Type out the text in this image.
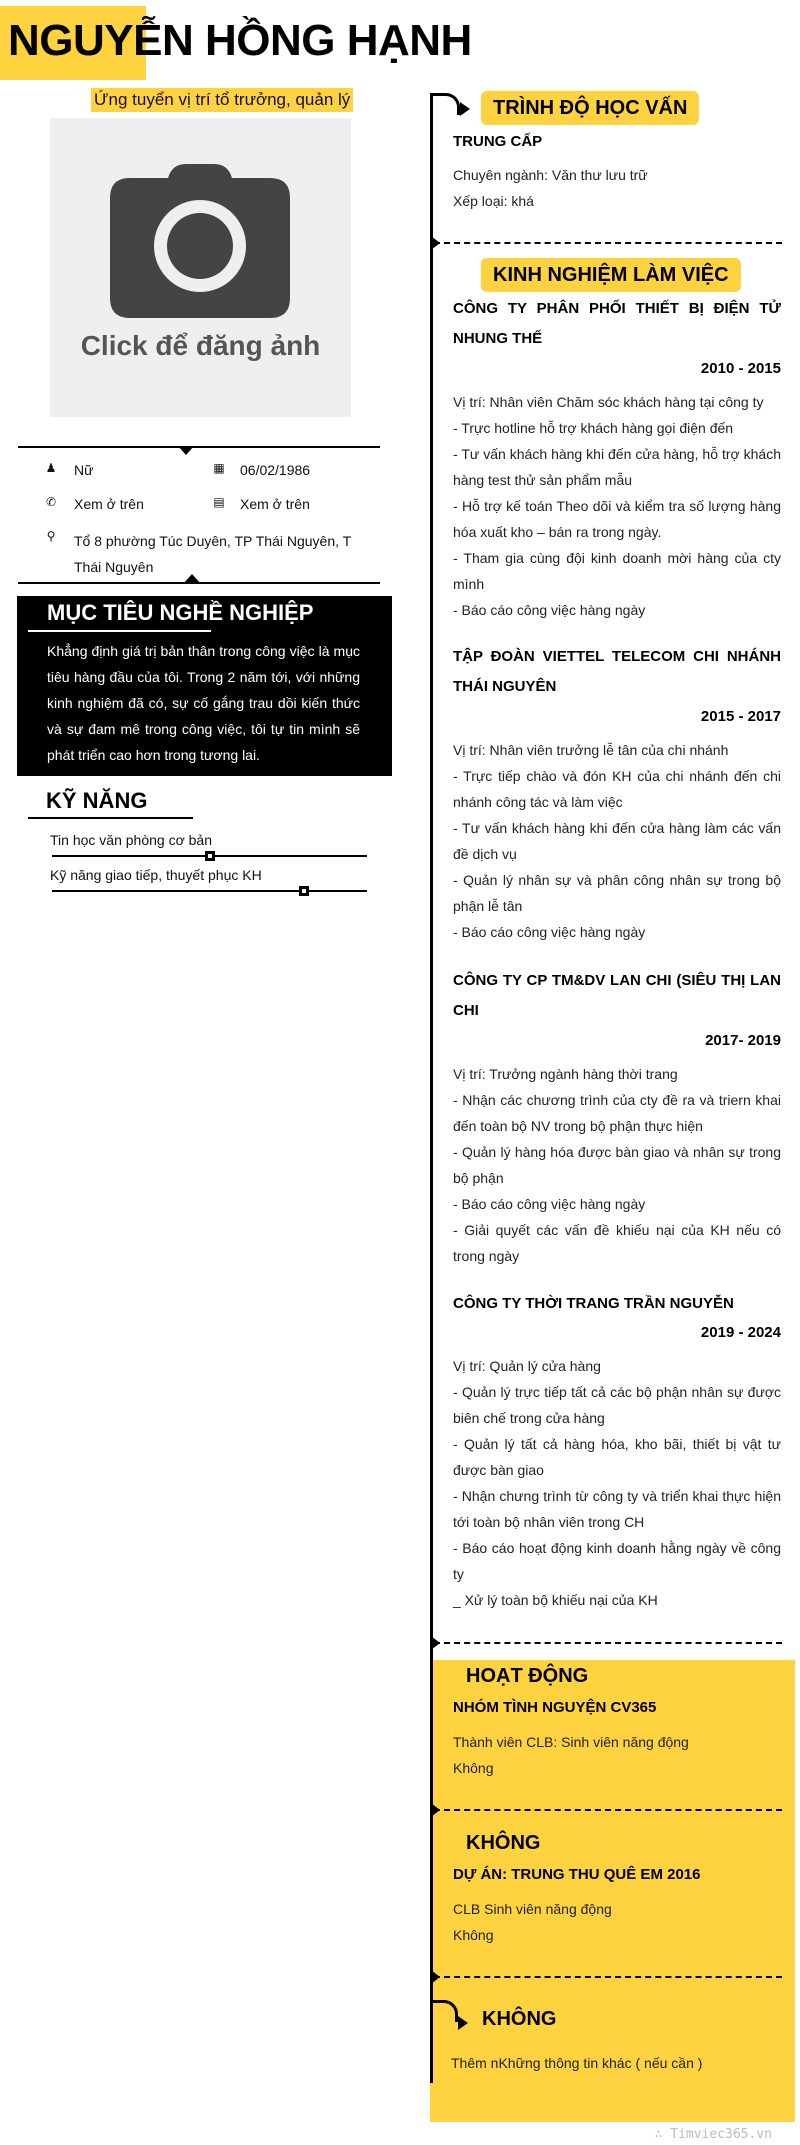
NGUYỄN HỒNG HẠNH
Ứng tuyển vị trí tổ trưởng, quản lý
Click để đăng ảnh
♟ Nữ	▦ 06/02/1986
✆ Xem ở trên	▤ Xem ở trên
⚲ Tổ 8 phường Túc Duyên, TP Thái Nguyên, T Thái Nguyên
MỤC TIÊU NGHỀ NGHIỆP
Khẳng định giá trị bản thân trong công việc là mục tiêu hàng đầu của tôi. Trong 2 năm tới, với những kinh nghiệm đã có, sự cố gắng trau dồi kiến thức và sự đam mê trong công việc, tôi tự tin mình sẽ phát triển cao hơn trong tương lai.
KỸ NĂNG
Tin học văn phòng cơ bản
Kỹ năng giao tiếp, thuyết phục KH
TRÌNH ĐỘ HỌC VẤN
TRUNG CẤP
Chuyên ngành: Văn thư lưu trữ
Xếp loại: khá
KINH NGHIỆM LÀM VIỆC
CÔNG TY PHÂN PHỐI THIẾT BỊ ĐIỆN TỬ NHUNG THẾ
2010 - 2015
Vị trí: Nhân viên Chăm sóc khách hàng tại công ty
- Trực hotline hỗ trợ khách hàng gọi điện đến
- Tư vấn khách hàng khi đến cửa hàng, hỗ trợ khách hàng test thử sản phẩm mẫu
- Hỗ trợ kế toán Theo dõi và kiểm tra số lượng hàng hóa xuất kho – bán ra trong ngày.
- Tham gia cùng đội kinh doanh mời hàng của cty mình
- Báo cáo công việc hàng ngày
TẬP ĐOÀN VIETTEL TELECOM CHI NHÁNH THÁI NGUYÊN
2015 - 2017
Vị trí: Nhân viên trưởng lễ tân của chi nhánh
- Trực tiếp chào và đón KH của chi nhánh đến chi nhánh công tác và làm việc
- Tư vấn khách hàng khi đến cửa hàng làm các vấn đề dịch vụ
- Quản lý nhân sự và phân công nhân sự trong bộ phận lễ tân
- Báo cáo công việc hàng ngày
CÔNG TY CP TM&DV LAN CHI (SIÊU THỊ LAN CHI
2017- 2019
Vị trí: Trưởng ngành hàng thời trang
- Nhận các chương trình của cty đề ra và triern khai đến toàn bộ NV trong bộ phận thực hiện
- Quản lý hàng hóa được bàn giao và nhân sự trong bộ phận
- Báo cáo công việc hàng ngày
- Giải quyết các vấn đề khiếu nại của KH nếu có trong ngày
CÔNG TY THỜI TRANG TRẦN NGUYỄN
2019 - 2024
Vị trí: Quản lý cửa hàng
- Quản lý trực tiếp tất cả các bộ phận nhân sự được biên chế trong cửa hàng
- Quản lý tất cả hàng hóa, kho bãi, thiết bị vật tư được bàn giao
- Nhận chưng trình từ công ty và triển khai thực hiện tới toàn bộ nhân viên trong CH
- Báo cáo hoạt động kinh doanh hằng ngày về công ty
_ Xử lý toàn bộ khiếu nại của KH
HOẠT ĐỘNG
NHÓM TÌNH NGUYỆN CV365
Thành viên CLB: Sinh viên năng động
Không
KHÔNG
DỰ ÁN: TRUNG THU QUÊ EM 2016
CLB Sinh viên năng động
Không
KHÔNG
Thêm nKhững thông tin khác ( nếu cần )
∴ Timviec365.vn
